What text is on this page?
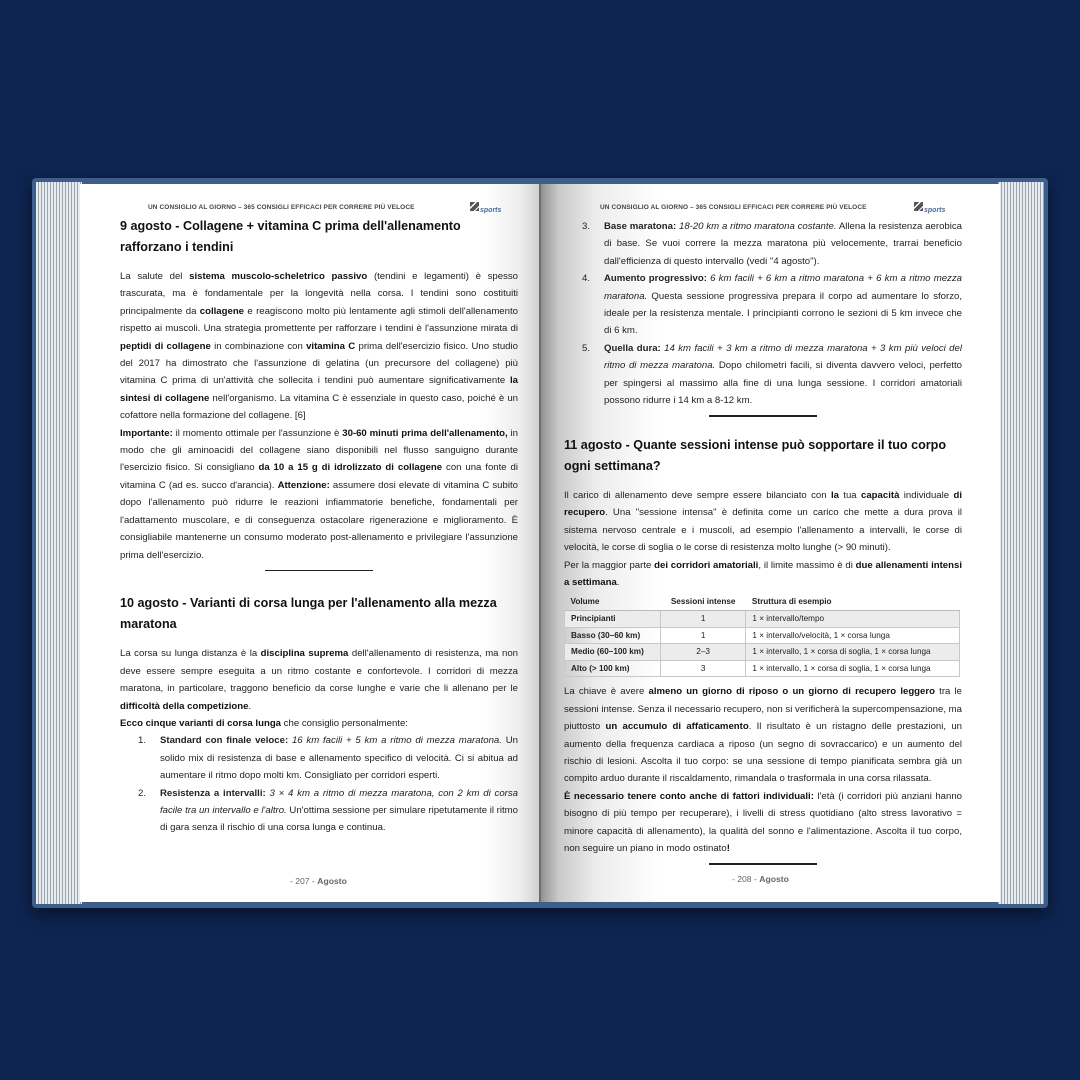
UN CONSIGLIO AL GIORNO – 365 CONSIGLI EFFICACI PER CORRERE PIÙ VELOCE	sports
9 agosto - Collagene + vitamina C prima dell'allenamento rafforzano i tendini

La salute del sistema muscolo-scheletrico passivo (tendini e legamenti) è spesso trascurata, ma è fondamentale per la longevità nella corsa. I tendini sono costituiti principalmente da collagene e reagiscono molto più lentamente agli stimoli dell'allenamento rispetto ai muscoli. Una strategia promettente per rafforzare i tendini è l'assunzione mirata di peptidi di collagene in combinazione con vitamina C prima dell'esercizio fisico. Uno studio del 2017 ha dimostrato che l'assunzione di gelatina (un precursore del collagene) più vitamina C prima di un'attività che sollecita i tendini può aumentare significativamente la sintesi di collagene nell'organismo. La vitamina C è essenziale in questo caso, poiché è un cofattore nella formazione del collagene. [6]

Importante: il momento ottimale per l'assunzione è 30-60 minuti prima dell'allenamento, in modo che gli aminoacidi del collagene siano disponibili nel flusso sanguigno durante l'esercizio fisico. Si consigliano da 10 a 15 g di idrolizzato di collagene con una fonte di vitamina C (ad es. succo d'arancia). Attenzione: assumere dosi elevate di vitamina C subito dopo l'allenamento può ridurre le reazioni infiammatorie benefiche, fondamentali per l'adattamento muscolare, e di conseguenza ostacolare rigenerazione e miglioramento. È consigliabile mantenerne un consumo moderato post-allenamento e privilegiare l'assunzione prima dell'esercizio.

10 agosto - Varianti di corsa lunga per l'allenamento alla mezza maratona

La corsa su lunga distanza è la disciplina suprema dell'allenamento di resistenza, ma non deve essere sempre eseguita a un ritmo costante e confortevole. I corridori di mezza maratona, in particolare, traggono beneficio da corse lunghe e varie che li allenano per le difficoltà della competizione.

Ecco cinque varianti di corsa lunga che consiglio personalmente:

1. Standard con finale veloce: 16 km facili + 5 km a ritmo di mezza maratona. Un solido mix di resistenza di base e allenamento specifico di velocità. Ci si abitua ad aumentare il ritmo dopo molti km. Consigliato per corridori esperti.

2. Resistenza a intervalli: 3 × 4 km a ritmo di mezza maratona, con 2 km di corsa facile tra un intervallo e l'altro. Un'ottima sessione per simulare ripetutamente il ritmo di gara senza il rischio di una corsa lunga e continua.

- 207 - Agosto
UN CONSIGLIO AL GIORNO – 365 CONSIGLI EFFICACI PER CORRERE PIÙ VELOCE	sports

3. Base maratona: 18-20 km a ritmo maratona costante. Allena la resistenza aerobica di base. Se vuoi correre la mezza maratona più velocemente, trarrai beneficio dall'efficienza di questo intervallo (vedi "4 agosto").

4. Aumento progressivo: 6 km facili + 6 km a ritmo maratona + 6 km a ritmo mezza maratona. Questa sessione progressiva prepara il corpo ad aumentare lo sforzo, ideale per la resistenza mentale. I principianti corrono le sezioni di 5 km invece che di 6 km.

5. Quella dura: 14 km facili + 3 km a ritmo di mezza maratona + 3 km più veloci del ritmo di mezza maratona. Dopo chilometri facili, si diventa davvero veloci, perfetto per spingersi al massimo alla fine di una lunga sessione. I corridori amatoriali possono ridurre i 14 km a 8-12 km.

11 agosto - Quante sessioni intense può sopportare il tuo corpo ogni settimana?

Il carico di allenamento deve sempre essere bilanciato con la tua capacità individuale di recupero. Una "sessione intensa" è definita come un carico che mette a dura prova il sistema nervoso centrale e i muscoli, ad esempio l'allenamento a intervalli, le corse di velocità, le corse di soglia o le corse di resistenza molto lunghe (> 90 minuti).

Per la maggior parte dei corridori amatoriali, il limite massimo è di due allenamenti intensi a settimana.

Volume	Sessioni intense	Struttura di esempio
Principianti	1	1 × intervallo/tempo
Basso (30–60 km)	1	1 × intervallo/velocità, 1 × corsa lunga
Medio (60–100 km)	2–3	1 × intervallo, 1 × corsa di soglia, 1 × corsa lunga
Alto (> 100 km)	3	1 × intervallo, 1 × corsa di soglia, 1 × corsa lunga

La chiave è avere almeno un giorno di riposo o un giorno di recupero leggero tra le sessioni intense. Senza il necessario recupero, non si verificherà la supercompensazione, ma piuttosto un accumulo di affaticamento. Il risultato è un ristagno delle prestazioni, un aumento della frequenza cardiaca a riposo (un segno di sovraccarico) e un aumento del rischio di lesioni. Ascolta il tuo corpo: se una sessione di tempo pianificata sembra già un compito arduo durante il riscaldamento, rimandala o trasformala in una corsa rilassata.

È necessario tenere conto anche di fattori individuali: l'età (i corridori più anziani hanno bisogno di più tempo per recuperare), i livelli di stress quotidiano (alto stress lavorativo = minore capacità di allenamento), la qualità del sonno e l'alimentazione. Ascolta il tuo corpo, non seguire un piano in modo ostinato!

- 208 - Agosto
